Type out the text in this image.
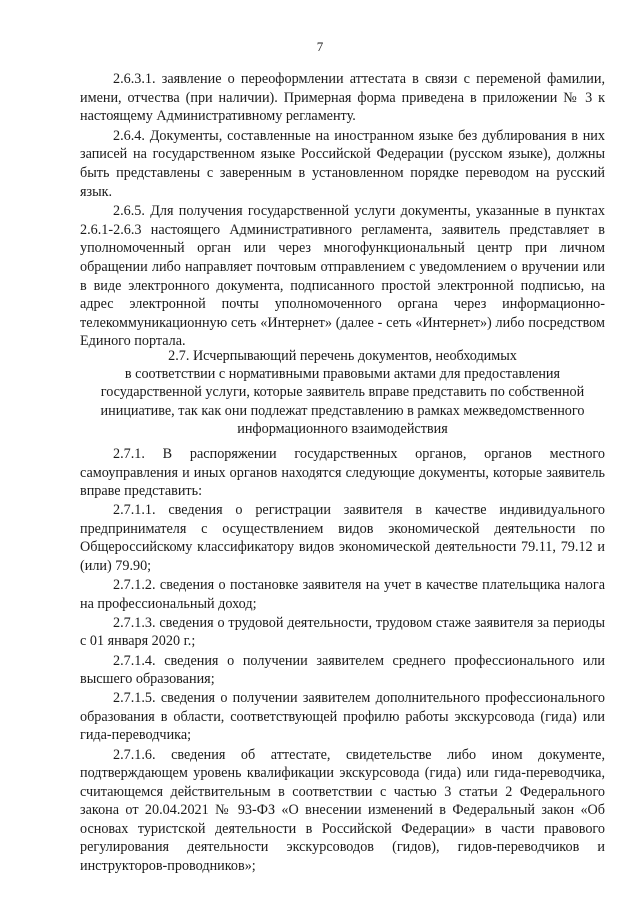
7

2.6.3.1. заявление о переоформлении аттестата в связи с переменой фамилии, имени, отчества (при наличии). Примерная форма приведена в приложении № 3 к настоящему Административному регламенту.

2.6.4. Документы, составленные на иностранном языке без дублирования в них записей на государственном языке Российской Федерации (русском языке), должны быть представлены с заверенным в установленном порядке переводом на русский язык.

2.6.5. Для получения государственной услуги документы, указанные в пунктах 2.6.1-2.6.3 настоящего Административного регламента, заявитель представляет в уполномоченный орган или через многофункциональный центр при личном обращении либо направляет почтовым отправлением с уведомлением о вручении или в виде электронного документа, подписанного простой электронной подписью, на адрес электронной почты уполномоченного органа через информационно-телекоммуникационную сеть «Интернет» (далее - сеть «Интернет») либо посредством Единого портала.

2.7. Исчерпывающий перечень документов, необходимых
в соответствии с нормативными правовыми актами для предоставления
государственной услуги, которые заявитель вправе представить по собственной
инициативе, так как они подлежат представлению в рамках межведомственного
информационного взаимодействия

2.7.1. В распоряжении государственных органов, органов местного самоуправления и иных органов находятся следующие документы, которые заявитель вправе представить:

2.7.1.1. сведения о регистрации заявителя в качестве индивидуального предпринимателя с осуществлением видов экономической деятельности по Общероссийскому классификатору видов экономической деятельности 79.11, 79.12 и (или) 79.90;

2.7.1.2. сведения о постановке заявителя на учет в качестве плательщика налога на профессиональный доход;

2.7.1.3. сведения о трудовой деятельности, трудовом стаже заявителя за периоды с 01 января 2020 г.;

2.7.1.4. сведения о получении заявителем среднего профессионального или высшего образования;

2.7.1.5. сведения о получении заявителем дополнительного профессионального образования в области, соответствующей профилю работы экскурсовода (гида) или гида-переводчика;

2.7.1.6. сведения об аттестате, свидетельстве либо ином документе, подтверждающем уровень квалификации экскурсовода (гида) или гида-переводчика, считающемся действительным в соответствии с частью 3 статьи 2 Федерального закона от 20.04.2021 № 93-ФЗ «О внесении изменений в Федеральный закон «Об основах туристской деятельности в Российской Федерации» в части правового регулирования деятельности экскурсоводов (гидов), гидов-переводчиков и инструкторов-проводников»;
